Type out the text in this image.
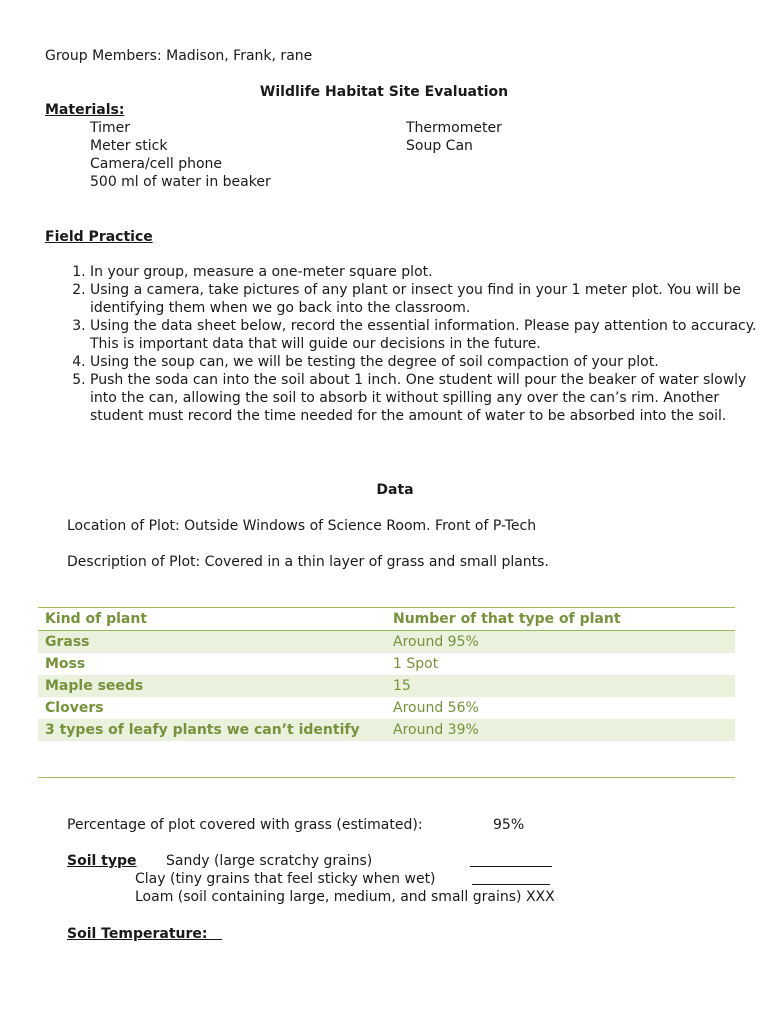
Group Members: Madison, Frank, rane
Wildlife Habitat Site Evaluation
Materials:
Timer
Meter stick
Camera/cell phone
500 ml of water in beaker
Thermometer
Soup Can
Field Practice
1. In your group, measure a one-meter square plot.
2. Using a camera, take pictures of any plant or insect you find in your 1 meter plot. You will be identifying them when we go back into the classroom.
3. Using the data sheet below, record the essential information. Please pay attention to accuracy. This is important data that will guide our decisions in the future.
4. Using the soup can, we will be testing the degree of soil compaction of your plot.
5. Push the soda can into the soil about 1 inch. One student will pour the beaker of water slowly into the can, allowing the soil to absorb it without spilling any over the can’s rim. Another student must record the time needed for the amount of water to be absorbed into the soil.
Data
Location of Plot: Outside Windows of Science Room. Front of P-Tech
Description of Plot: Covered in a thin layer of grass and small plants.
Kind of plant	Number of that type of plant
Grass	Around 95%
Moss	1 Spot
Maple seeds	15
Clovers	Around 56%
3 types of leafy plants we can’t identify	Around 39%
Percentage of plot covered with grass (estimated):	95%
Soil type Sandy (large scratchy grains)
Clay (tiny grains that feel sticky when wet)
Loam (soil containing large, medium, and small grains) XXX
Soil Temperature:
